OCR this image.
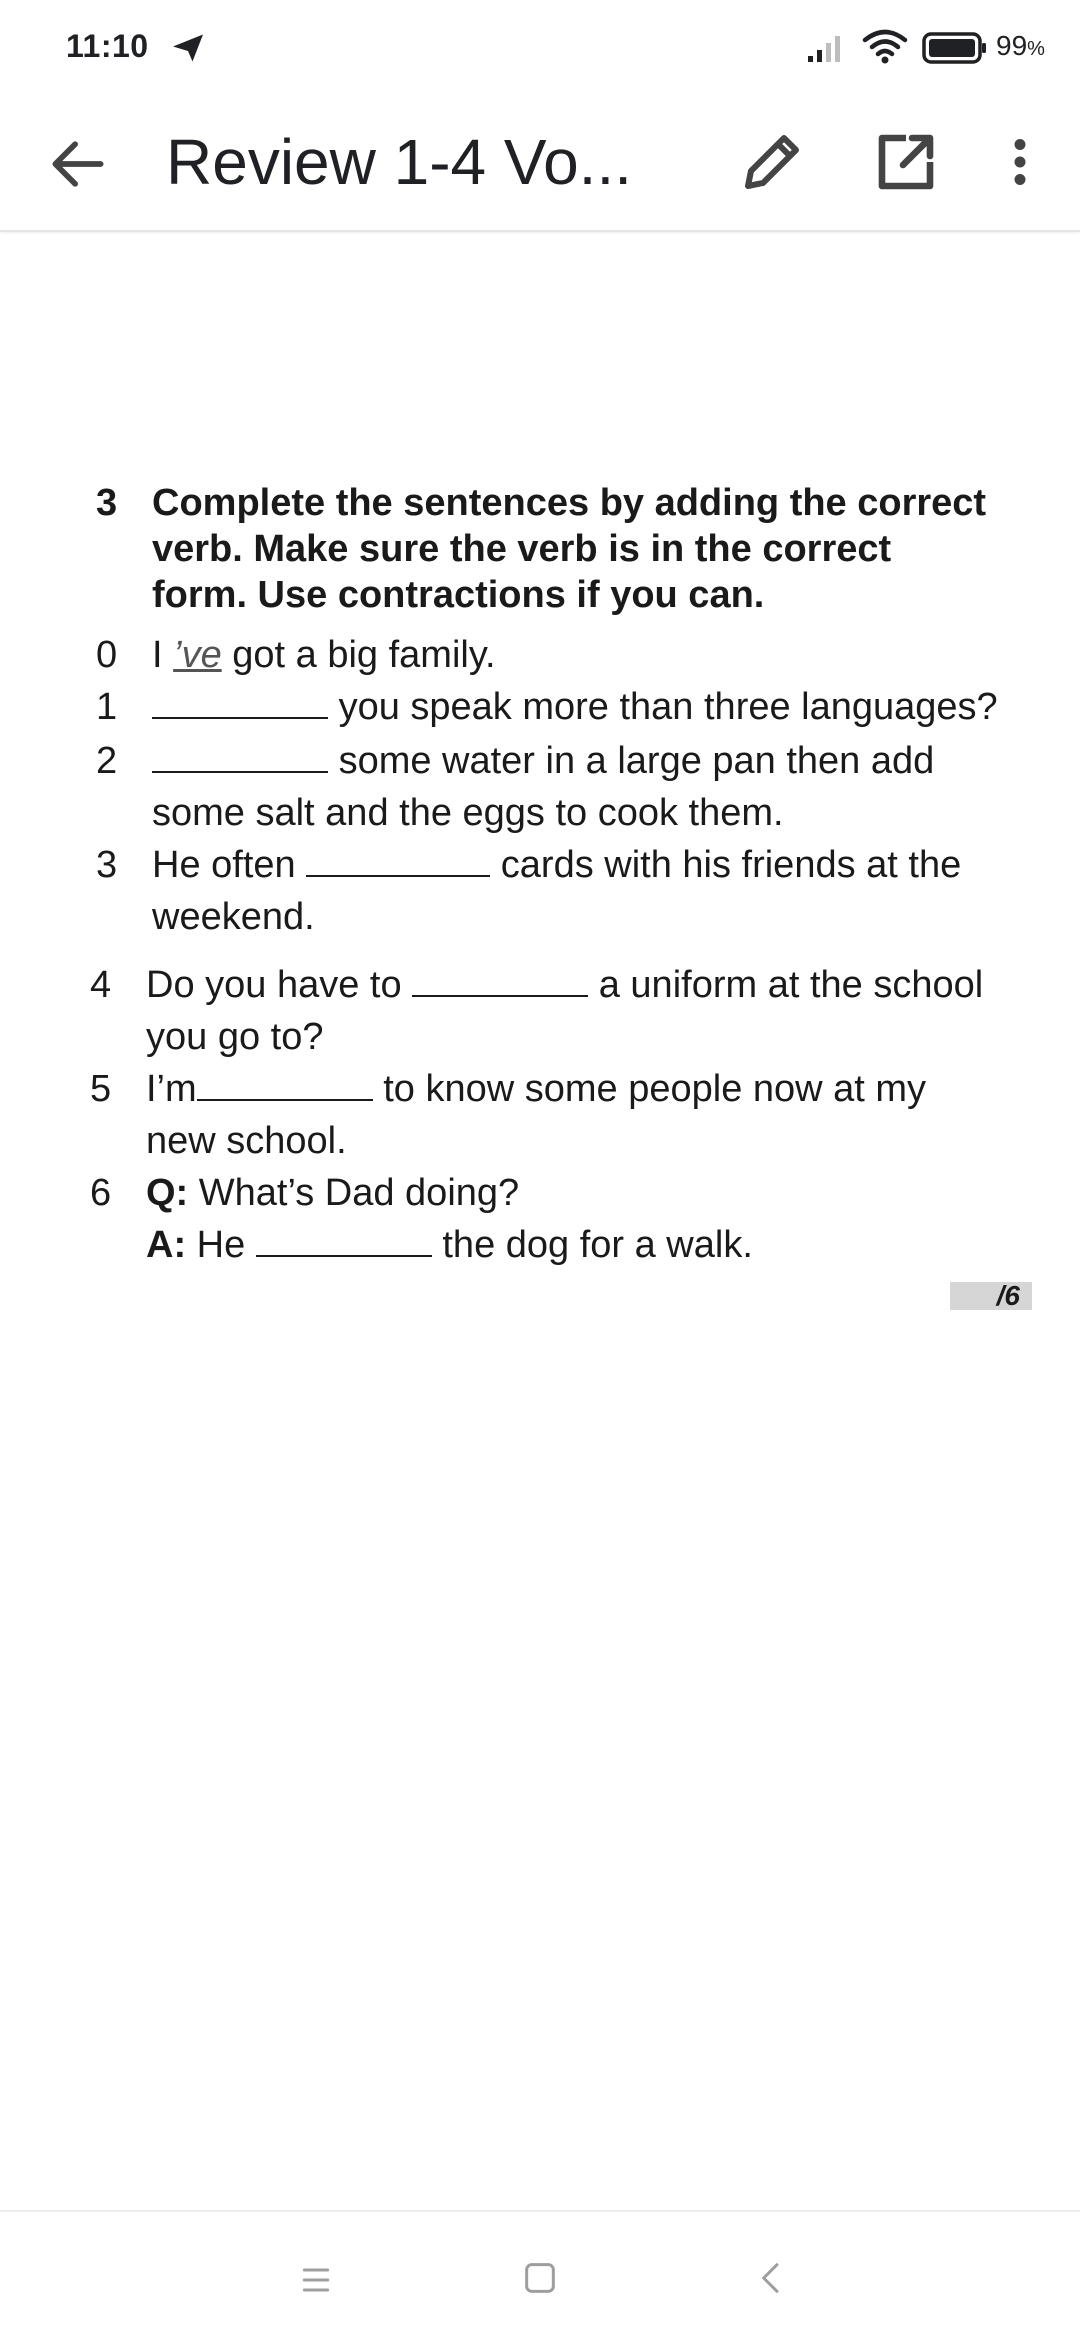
11:10	99%
Review 1-4 Vo...
3 Complete the sentences by adding the correct
verb. Make sure the verb is in the correct
form. Use contractions if you can.
0 I ’ve got a big family.
1	you speak more than three languages?
2	some water in a large pan then add
some salt and the eggs to cook them.
3 He often	cards with his friends at the
weekend.
4 Do you have to	a uniform at the school
you go to?
5 I’m	to know some people now at my
new school.
6 Q: What’s Dad doing?
A: He	the dog for a walk.
/6
